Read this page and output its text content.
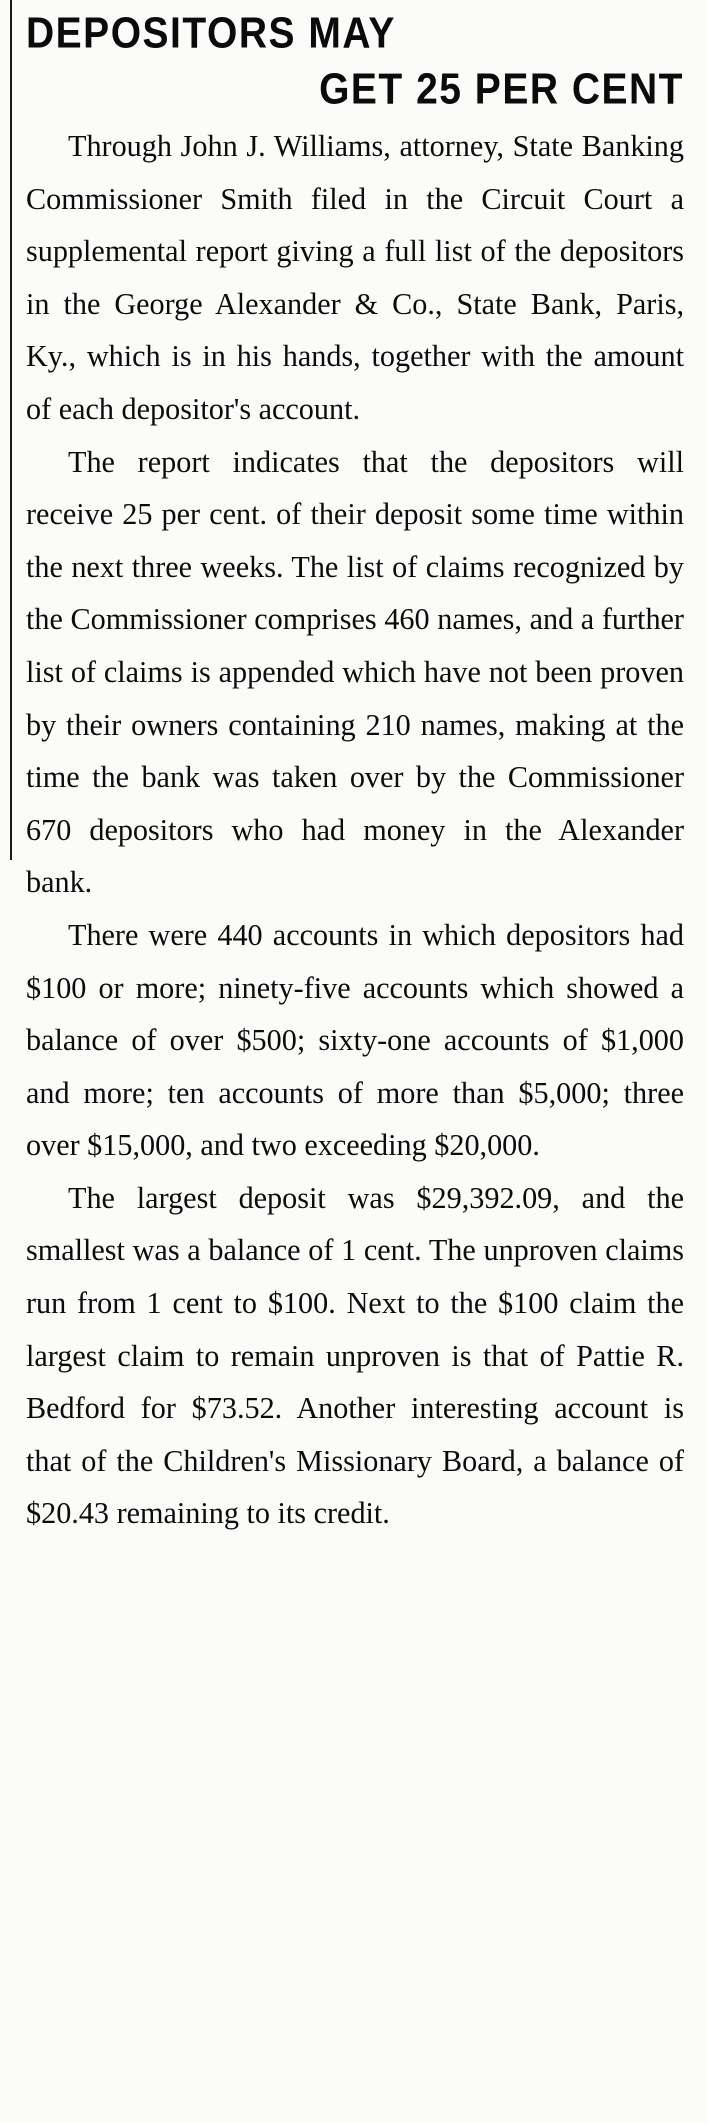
DEPOSITORS MAY
GET 25 PER CENT

Through John J. Williams, attorney, State Banking Commissioner Smith filed in the Circuit Court a supplemental report giving a full list of the depositors in the George Alexander & Co., State Bank, Paris, Ky., which is in his hands, together with the amount of each depositor's account.

The report indicates that the depositors will receive 25 per cent. of their deposit some time within the next three weeks. The list of claims recognized by the Commissioner comprises 460 names, and a further list of claims is appended which have not been proven by their owners containing 210 names, making at the time the bank was taken over by the Commissioner 670 depositors who had money in the Alexander bank.

There were 440 accounts in which depositors had $100 or more; ninety-five accounts which showed a balance of over $500; sixty-one accounts of $1,000 and more; ten accounts of more than $5,000; three over $15,000, and two exceeding $20,000.

The largest deposit was $29,392.09, and the smallest was a balance of 1 cent. The unproven claims run from 1 cent to $100. Next to the $100 claim the largest claim to remain unproven is that of Pattie R. Bedford for $73.52. Another interesting account is that of the Children's Missionary Board, a balance of $20.43 remaining to its credit.
